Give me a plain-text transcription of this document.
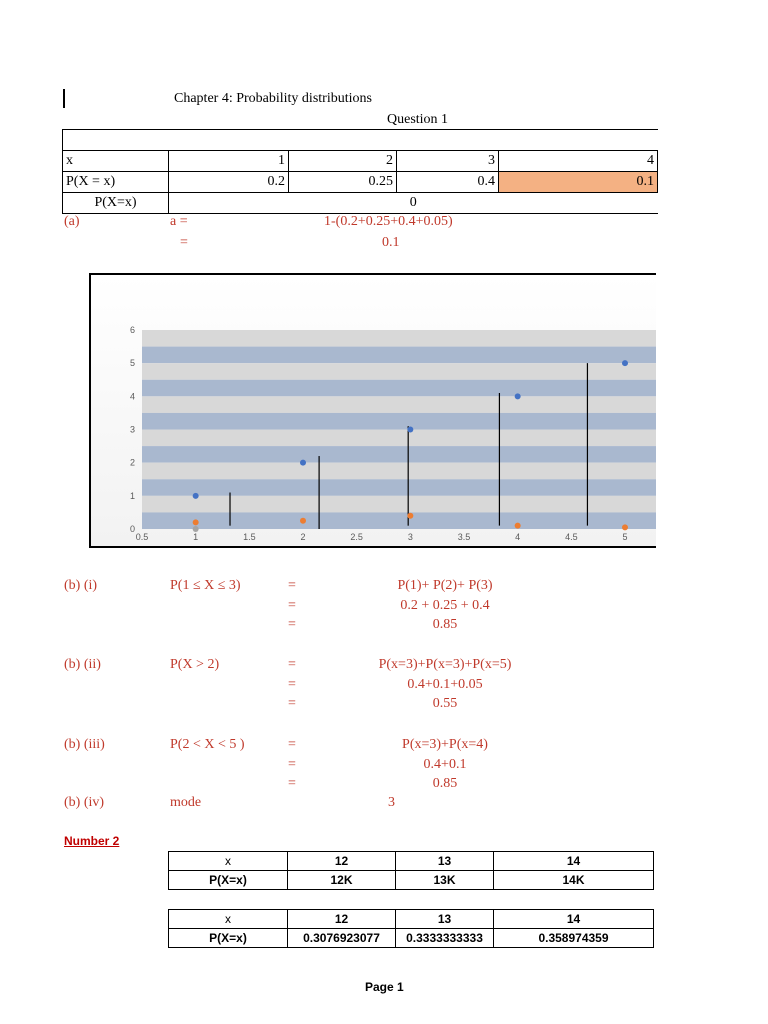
Chapter 4: Probability distributions
Question 1

x	1	2	3	4
P(X = x)	0.2	0.25	0.4	0.1
P(X=x)	0			
(a)	a =	1-(0.2+0.25+0.4+0.05)
=	0.1
0
1
2
3
4
5
6
0.5	1	1.5	2	2.5	3	3.5	4	4.5	5
(b) (i)	P(1 ≤ X ≤ 3)	=	P(1)+ P(2)+ P(3)
=	0.2 + 0.25 + 0.4
=	0.85
(b) (ii)	P(X > 2)	=	P(x=3)+P(x=3)+P(x=5)
=	0.4+0.1+0.05
=	0.55
(b) (iii)	P(2 < X < 5 )	=	P(x=3)+P(x=4)
=	0.4+0.1
=	0.85
(b) (iv)	mode	3
Number 2
x	12	13	14
P(X=x)	12K	13K	14K
x	12	13	14
P(X=x)	0.3076923077	0.3333333333	0.358974359
Page 1
